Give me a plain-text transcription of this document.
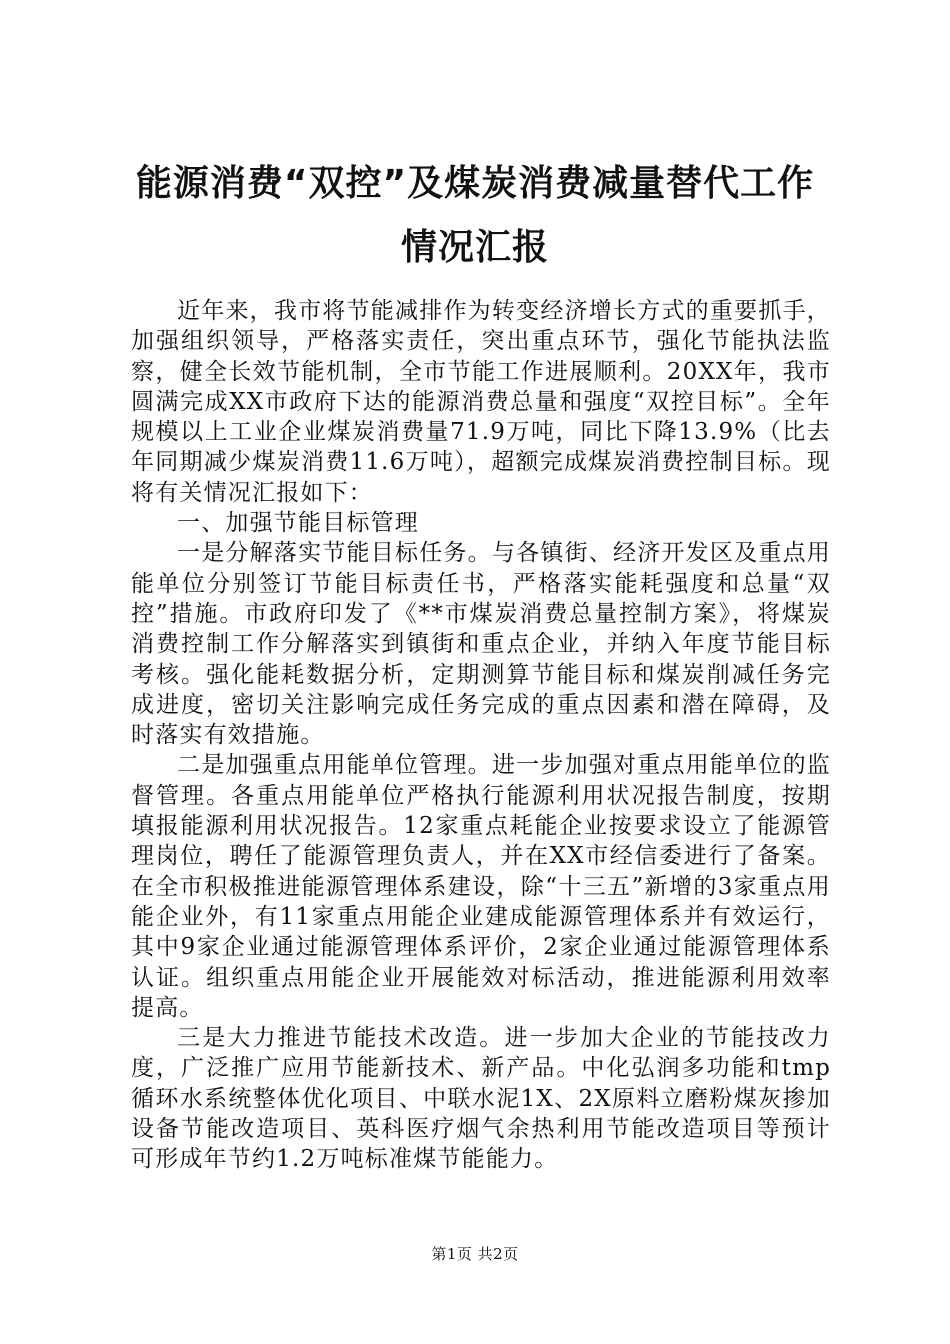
能源消费“双控”及煤炭消费减量替代工作情况汇报

近年来，我市将节能减排作为转变经济增长方式的重要抓手，加强组织领导，严格落实责任，突出重点环节，强化节能执法监察，健全长效节能机制，全市节能工作进展顺利。20XX年，我市圆满完成XX市政府下达的能源消费总量和强度“双控目标”。全年规模以上工业企业煤炭消费量71.9万吨，同比下降13.9%（比去年同期减少煤炭消费11.6万吨），超额完成煤炭消费控制目标。现将有关情况汇报如下：

一、加强节能目标管理

一是分解落实节能目标任务。与各镇街、经济开发区及重点用能单位分别签订节能目标责任书，严格落实能耗强度和总量“双控”措施。市政府印发了《**市煤炭消费总量控制方案》，将煤炭消费控制工作分解落实到镇街和重点企业，并纳入年度节能目标考核。强化能耗数据分析，定期测算节能目标和煤炭削减任务完成进度，密切关注影响完成任务完成的重点因素和潜在障碍，及时落实有效措施。

二是加强重点用能单位管理。进一步加强对重点用能单位的监督管理。各重点用能单位严格执行能源利用状况报告制度，按期填报能源利用状况报告。12家重点耗能企业按要求设立了能源管理岗位，聘任了能源管理负责人，并在XX市经信委进行了备案。在全市积极推进能源管理体系建设，除“十三五”新增的3家重点用能企业外，有11家重点用能企业建成能源管理体系并有效运行，其中9家企业通过能源管理体系评价，2家企业通过能源管理体系认证。组织重点用能企业开展能效对标活动，推进能源利用效率提高。

三是大力推进节能技术改造。进一步加大企业的节能技改力度，广泛推广应用节能新技术、新产品。中化弘润多功能和tmp循环水系统整体优化项目、中联水泥1X、2X原料立磨粉煤灰掺加设备节能改造项目、英科医疗烟气余热利用节能改造项目等预计可形成年节约1.2万吨标准煤节能能力。

第1页 共2页
